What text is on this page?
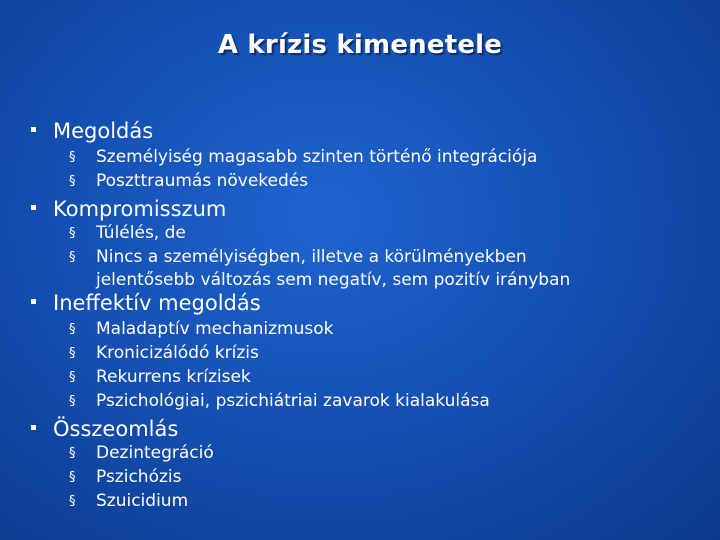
A krízis kimenetele
Megoldás
§ Személyiség magasabb szinten történő integrációja
§ Poszttraumás növekedés
Kompromisszum
§ Túlélés, de
§ Nincs a személyiségben, illetve a körülményekben
jelentősebb változás sem negatív, sem pozitív irányban
Ineffektív megoldás
§ Maladaptív mechanizmusok
§ Kronicizálódó krízis
§ Rekurrens krízisek
§ Pszichológiai, pszichiátriai zavarok kialakulása
Összeomlás
§ Dezintegráció
§ Pszichózis
§ Szuicidium
